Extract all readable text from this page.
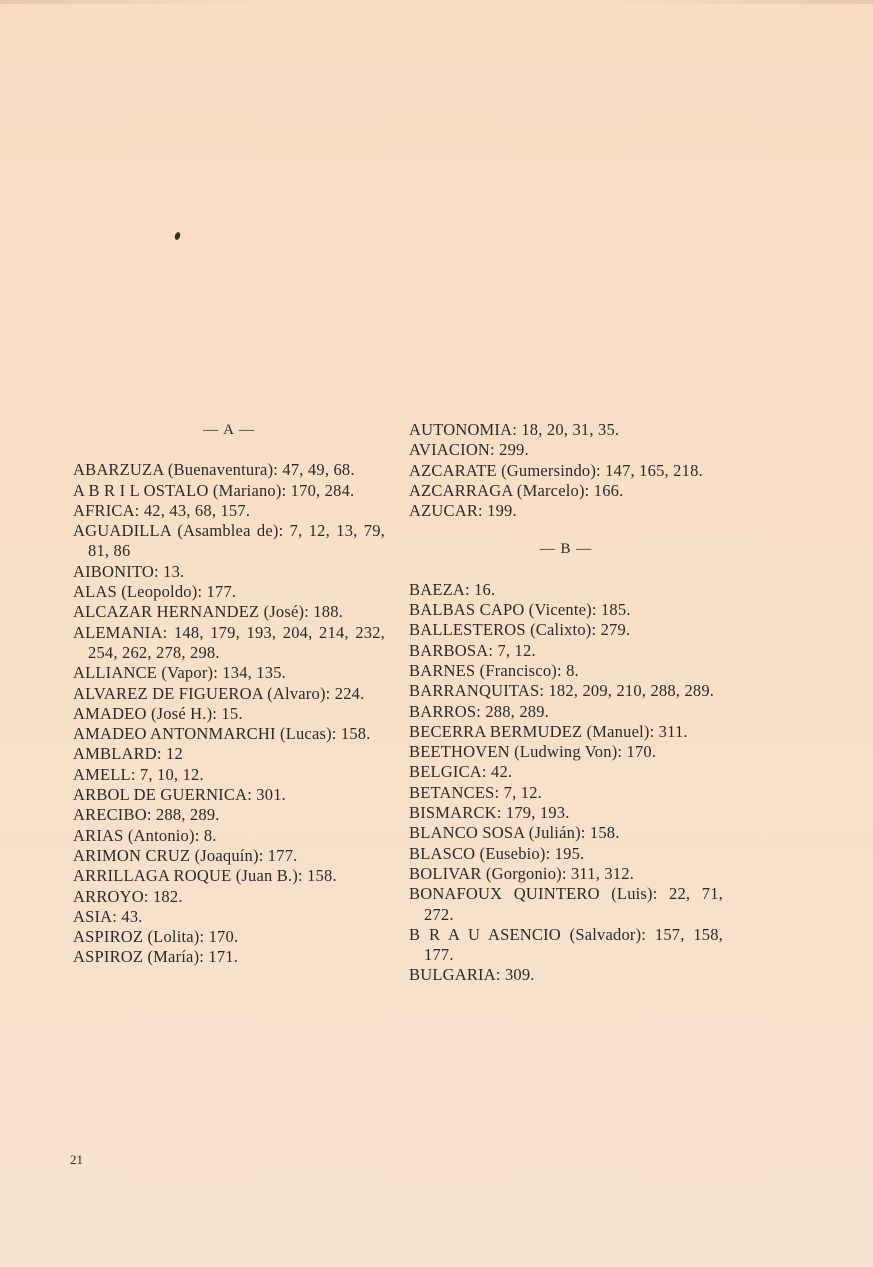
— A —
ABARZUZA (Buenaventura): 47, 49, 68.
A B R I L OSTALO (Mariano): 170, 284.
AFRICA: 42, 43, 68, 157.
AGUADILLA (Asamblea de): 7, 12, 13, 79, 81, 86
AIBONITO: 13.
ALAS (Leopoldo): 177.
ALCAZAR HERNANDEZ (José): 188.
ALEMANIA: 148, 179, 193, 204, 214, 232, 254, 262, 278, 298.
ALLIANCE (Vapor): 134, 135.
ALVAREZ DE FIGUEROA (Alvaro): 224.
AMADEO (José H.): 15.
AMADEO ANTONMARCHI (Lucas): 158.
AMBLARD: 12
AMELL: 7, 10, 12.
ARBOL DE GUERNICA: 301.
ARECIBO: 288, 289.
ARIAS (Antonio): 8.
ARIMON CRUZ (Joaquín): 177.
ARRILLAGA ROQUE (Juan B.): 158.
ARROYO: 182.
ASIA: 43.
ASPIROZ (Lolita): 170.
ASPIROZ (María): 171.
AUTONOMIA: 18, 20, 31, 35.
AVIACION: 299.
AZCARATE (Gumersindo): 147, 165, 218.
AZCARRAGA (Marcelo): 166.
AZUCAR: 199.
— B —
BAEZA: 16.
BALBAS CAPO (Vicente): 185.
BALLESTEROS (Calixto): 279.
BARBOSA: 7, 12.
BARNES (Francisco): 8.
BARRANQUITAS: 182, 209, 210, 288, 289.
BARROS: 288, 289.
BECERRA BERMUDEZ (Manuel): 311.
BEETHOVEN (Ludwing Von): 170.
BELGICA: 42.
BETANCES: 7, 12.
BISMARCK: 179, 193.
BLANCO SOSA (Julián): 158.
BLASCO (Eusebio): 195.
BOLIVAR (Gorgonio): 311, 312.
BONAFOUX QUINTERO (Luis): 22, 71, 272.
B R A U ASENCIO (Salvador): 157, 158, 177.
BULGARIA: 309.
21
